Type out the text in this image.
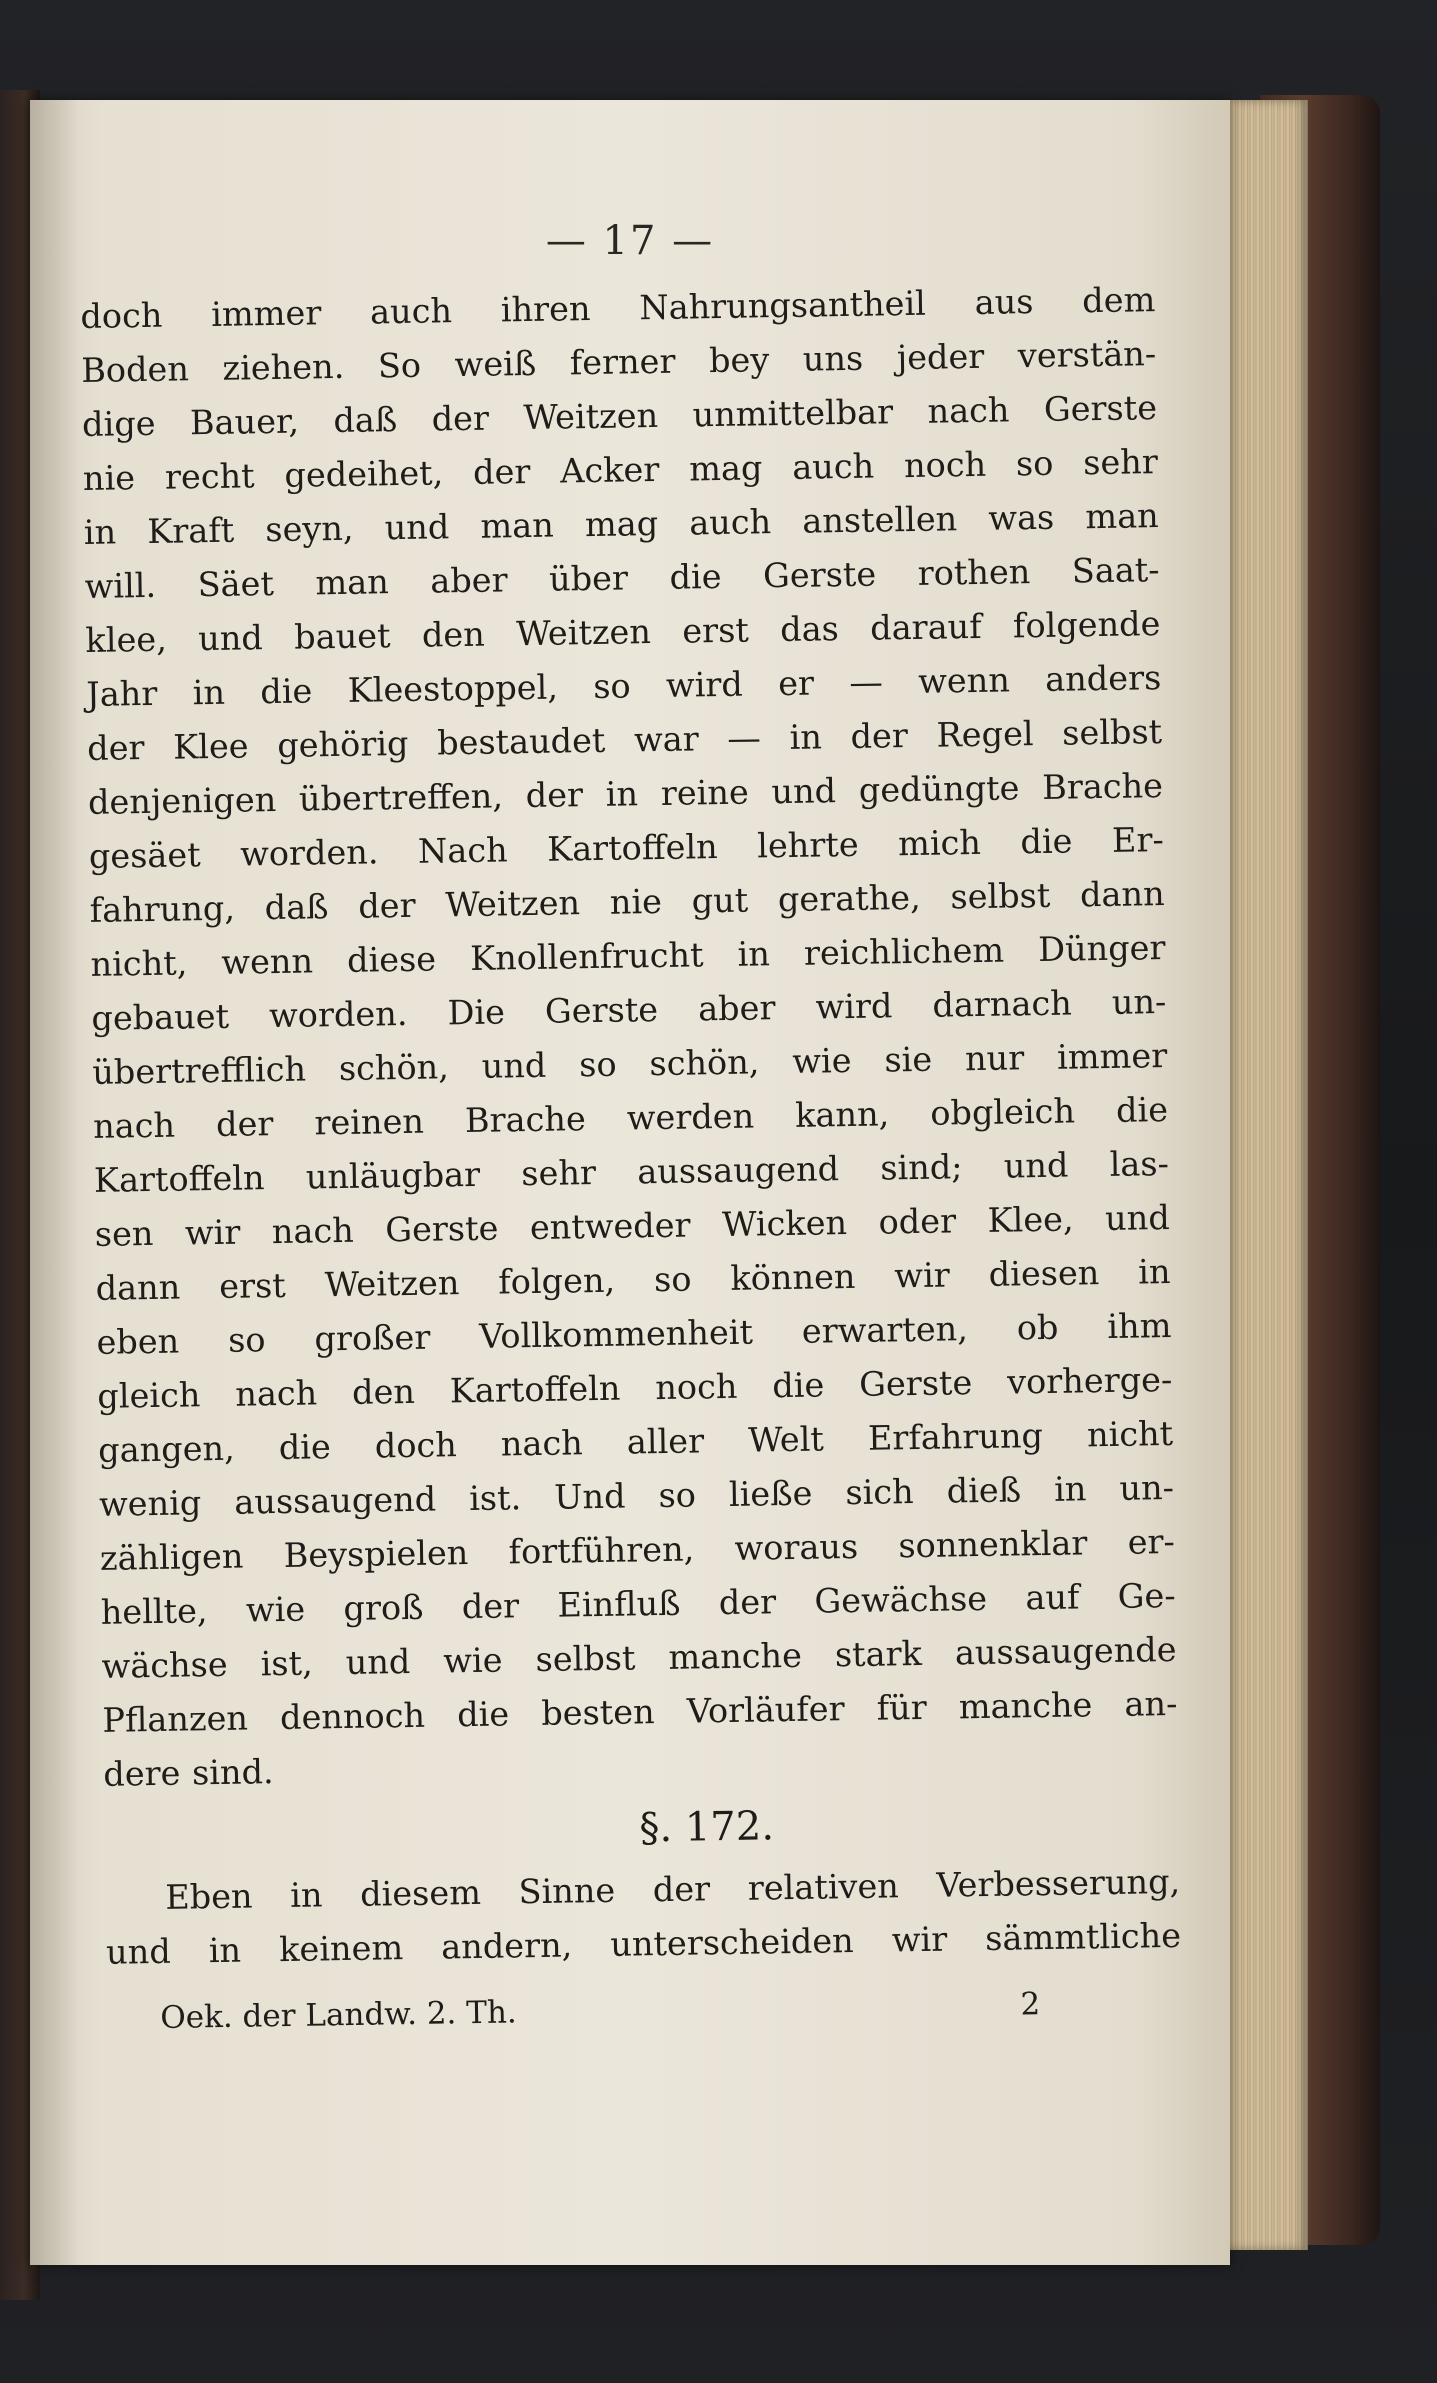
— 17 —
doch immer auch ihren Nahrungsantheil aus dem
Boden ziehen. So weiß ferner bey uns jeder verstän-
dige Bauer, daß der Weitzen unmittelbar nach Gerste
nie recht gedeihet, der Acker mag auch noch so sehr
in Kraft seyn, und man mag auch anstellen was man
will. Säet man aber über die Gerste rothen Saat-
klee, und bauet den Weitzen erst das darauf folgende
Jahr in die Kleestoppel, so wird er — wenn anders
der Klee gehörig bestaudet war — in der Regel selbst
denjenigen übertreffen, der in reine und gedüngte Brache
gesäet worden. Nach Kartoffeln lehrte mich die Er-
fahrung, daß der Weitzen nie gut gerathe, selbst dann
nicht, wenn diese Knollenfrucht in reichlichem Dünger
gebauet worden. Die Gerste aber wird darnach un-
übertrefflich schön, und so schön, wie sie nur immer
nach der reinen Brache werden kann, obgleich die
Kartoffeln unläugbar sehr aussaugend sind; und las-
sen wir nach Gerste entweder Wicken oder Klee, und
dann erst Weitzen folgen, so können wir diesen in
eben so großer Vollkommenheit erwarten, ob ihm
gleich nach den Kartoffeln noch die Gerste vorherge-
gangen, die doch nach aller Welt Erfahrung nicht
wenig aussaugend ist. Und so ließe sich dieß in un-
zähligen Beyspielen fortführen, woraus sonnenklar er-
hellte, wie groß der Einfluß der Gewächse auf Ge-
wächse ist, und wie selbst manche stark aussaugende
Pflanzen dennoch die besten Vorläufer für manche an-
dere sind.
§. 172.
Eben in diesem Sinne der relativen Verbesserung,
und in keinem andern, unterscheiden wir sämmtliche
Oek. der Landw. 2. Th.	2
